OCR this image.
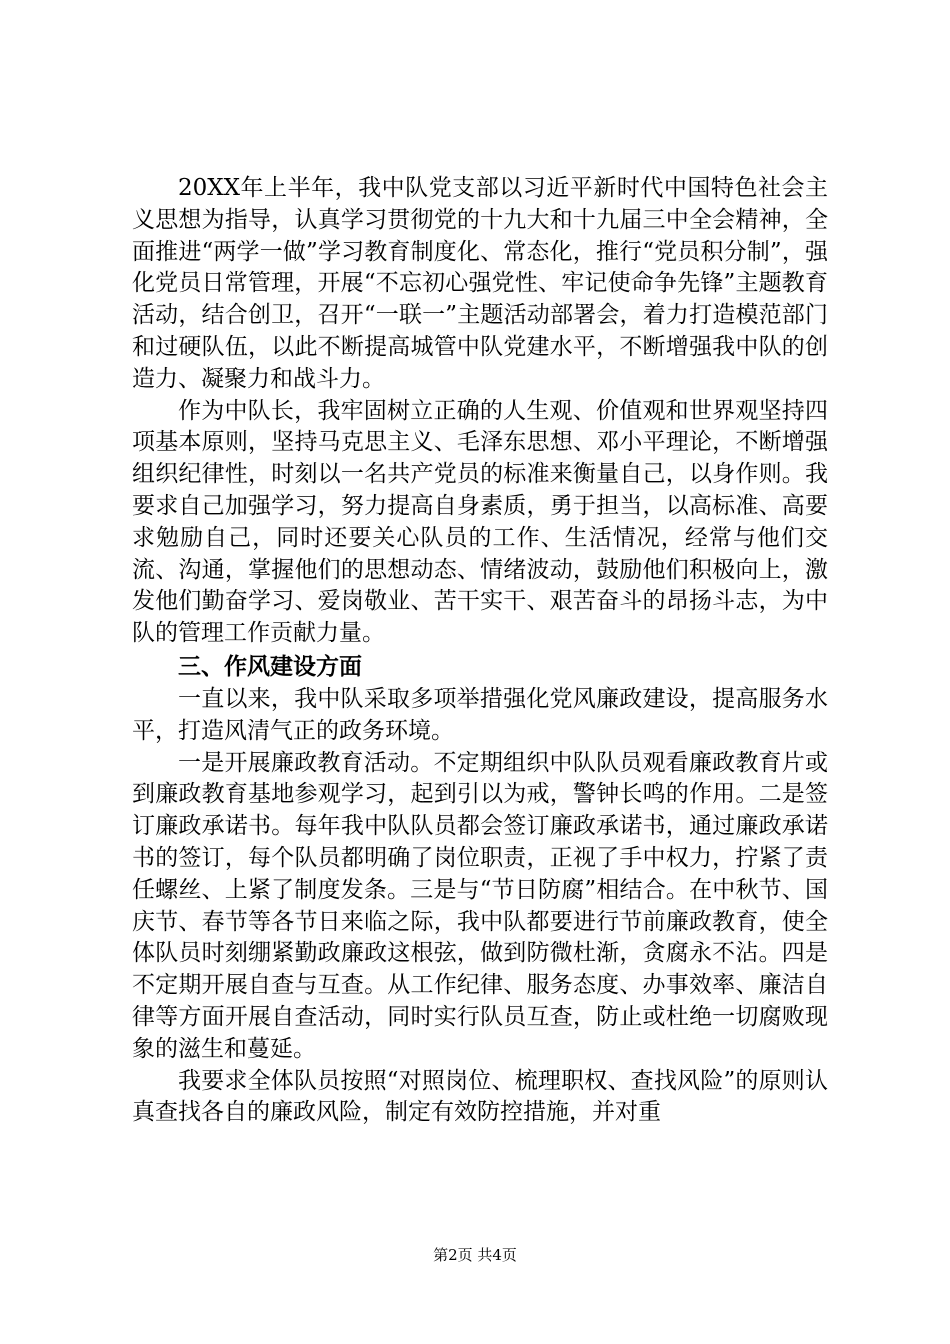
20XX年上半年，我中队党支部以习近平新时代中国特色社会主义思想为指导，认真学习贯彻党的十九大和十九届三中全会精神，全面推进“两学一做”学习教育制度化、常态化，推行“党员积分制”，强化党员日常管理，开展“不忘初心强党性、牢记使命争先锋”主题教育活动，结合创卫，召开“一联一”主题活动部署会，着力打造模范部门和过硬队伍，以此不断提高城管中队党建水平，不断增强我中队的创造力、凝聚力和战斗力。

作为中队长，我牢固树立正确的人生观、价值观和世界观坚持四项基本原则，坚持马克思主义、毛泽东思想、邓小平理论，不断增强组织纪律性，时刻以一名共产党员的标准来衡量自己，以身作则。我要求自己加强学习，努力提高自身素质，勇于担当，以高标准、高要求勉励自己，同时还要关心队员的工作、生活情况，经常与他们交流、沟通，掌握他们的思想动态、情绪波动，鼓励他们积极向上，激发他们勤奋学习、爱岗敬业、苦干实干、艰苦奋斗的昂扬斗志，为中队的管理工作贡献力量。

三、作风建设方面

一直以来，我中队采取多项举措强化党风廉政建设，提高服务水平，打造风清气正的政务环境。

一是开展廉政教育活动。不定期组织中队队员观看廉政教育片或到廉政教育基地参观学习，起到引以为戒，警钟长鸣的作用。二是签订廉政承诺书。每年我中队队员都会签订廉政承诺书，通过廉政承诺书的签订，每个队员都明确了岗位职责，正视了手中权力，拧紧了责任螺丝、上紧了制度发条。三是与“节日防腐”相结合。在中秋节、国庆节、春节等各节日来临之际，我中队都要进行节前廉政教育，使全体队员时刻绷紧勤政廉政这根弦，做到防微杜渐，贪腐永不沾。四是不定期开展自查与互查。从工作纪律、服务态度、办事效率、廉洁自律等方面开展自查活动，同时实行队员互查，防止或杜绝一切腐败现象的滋生和蔓延。

我要求全体队员按照“对照岗位、梳理职权、查找风险”的原则认真查找各自的廉政风险，制定有效防控措施，并对重

第2页 共4页
